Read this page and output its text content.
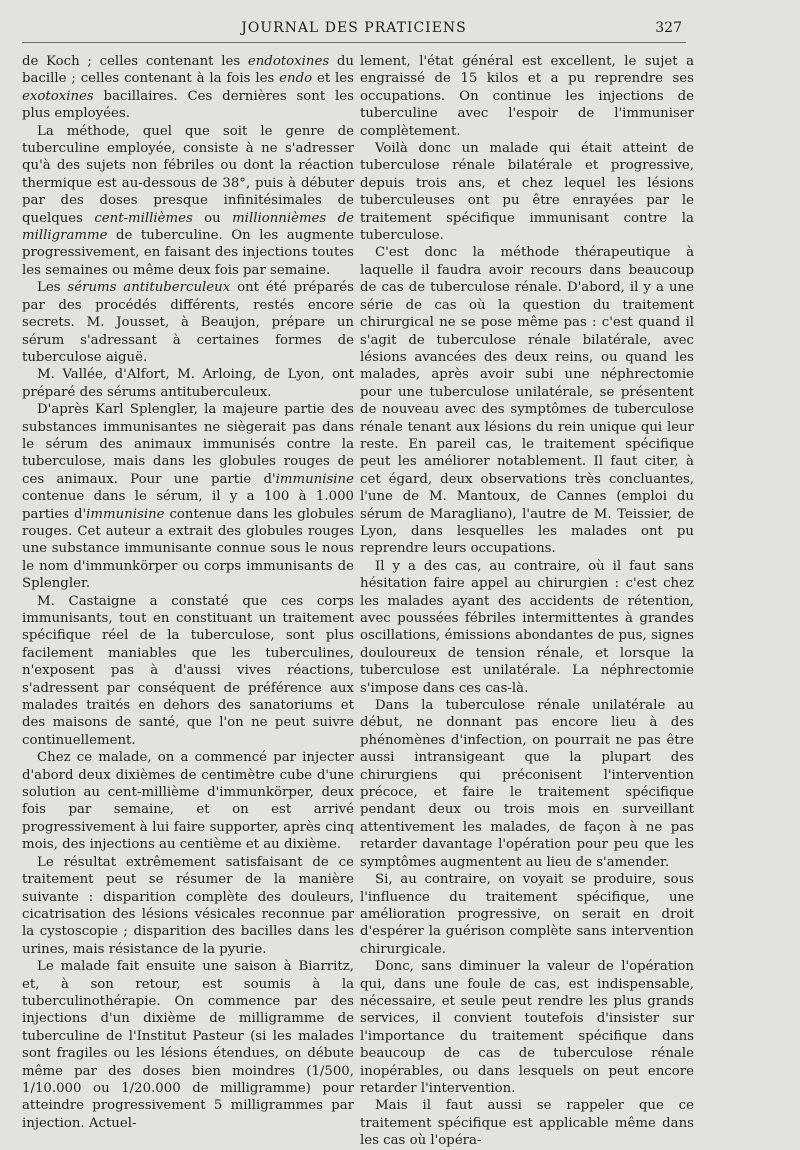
JOURNAL DES PRATICIENS	327

de Koch ; celles contenant les endotoxines du bacille ; celles contenant à la fois les endo et les exotoxines bacillaires. Ces dernières sont les plus employées.

La méthode, quel que soit le genre de tuberculine employée, consiste à ne s'adresser qu'à des sujets non fébriles ou dont la réaction thermique est au-dessous de 38°, puis à débuter par des doses presque infinitésimales de quelques cent-millièmes ou millionnièmes de milligramme de tuberculine. On les augmente progressivement, en faisant des injections toutes les semaines ou même deux fois par semaine.

Les sérums antituberculeux ont été préparés par des procédés différents, restés encore secrets. M. Jousset, à Beaujon, prépare un sérum s'adressant à certaines formes de tuberculose aiguë.

M. Vallée, d'Alfort, M. Arloing, de Lyon, ont préparé des sérums antituberculeux.

D'après Karl Splengler, la majeure partie des substances immunisantes ne siègerait pas dans le sérum des animaux immunisés contre la tuberculose, mais dans les globules rouges de ces animaux. Pour une partie d'immunisine contenue dans le sérum, il y a 100 à 1.000 parties d'immunisine contenue dans les globules rouges. Cet auteur a extrait des globules rouges une substance immunisante connue sous le nous le nom d'immunkörper ou corps immunisants de Splengler.

M. Castaigne a constaté que ces corps immunisants, tout en constituant un traitement spécifique réel de la tuberculose, sont plus facilement maniables que les tuberculines, n'exposent pas à d'aussi vives réactions, s'adressent par conséquent de préférence aux malades traités en dehors des sanatoriums et des maisons de santé, que l'on ne peut suivre continuellement.

Chez ce malade, on a commencé par injecter d'abord deux dixièmes de centimètre cube d'une solution au cent-millième d'immunkörper, deux fois par semaine, et on est arrivé progressivement à lui faire supporter, après cinq mois, des injections au centième et au dixième.

Le résultat extrêmement satisfaisant de ce traitement peut se résumer de la manière suivante : disparition complète des douleurs, cicatrisation des lésions vésicales reconnue par la cystoscopie ; disparition des bacilles dans les urines, mais résistance de la pyurie.

Le malade fait ensuite une saison à Biarritz, et, à son retour, est soumis à la tuberculinothérapie. On commence par des injections d'un dixième de milligramme de tuberculine de l'Institut Pasteur (si les malades sont fragiles ou les lésions étendues, on débute même par des doses bien moindres (1/500, 1/10.000 ou 1/20.000 de milligramme) pour atteindre progressivement 5 milligrammes par injection. Actuel-

lement, l'état général est excellent, le sujet a engraissé de 15 kilos et a pu reprendre ses occupations. On continue les injections de tuberculine avec l'espoir de l'immuniser complètement.

Voilà donc un malade qui était atteint de tuberculose rénale bilatérale et progressive, depuis trois ans, et chez lequel les lésions tuberculeuses ont pu être enrayées par le traitement spécifique immunisant contre la tuberculose.

C'est donc la méthode thérapeutique à laquelle il faudra avoir recours dans beaucoup de cas de tuberculose rénale. D'abord, il y a une série de cas où la question du traitement chirurgical ne se pose même pas : c'est quand il s'agit de tuberculose rénale bilatérale, avec lésions avancées des deux reins, ou quand les malades, après avoir subi une néphrectomie pour une tuberculose unilatérale, se présentent de nouveau avec des symptômes de tuberculose rénale tenant aux lésions du rein unique qui leur reste. En pareil cas, le traitement spécifique peut les améliorer notablement. Il faut citer, à cet égard, deux observations très concluantes, l'une de M. Mantoux, de Cannes (emploi du sérum de Maragliano), l'autre de M. Teissier, de Lyon, dans lesquelles les malades ont pu reprendre leurs occupations.

Il y a des cas, au contraire, où il faut sans hésitation faire appel au chirurgien : c'est chez les malades ayant des accidents de rétention, avec poussées fébriles intermittentes à grandes oscillations, émissions abondantes de pus, signes douloureux de tension rénale, et lorsque la tuberculose est unilatérale. La néphrectomie s'impose dans ces cas-là.

Dans la tuberculose rénale unilatérale au début, ne donnant pas encore lieu à des phénomènes d'infection, on pourrait ne pas être aussi intransigeant que la plupart des chirurgiens qui préconisent l'intervention précoce, et faire le traitement spécifique pendant deux ou trois mois en surveillant attentivement les malades, de façon à ne pas retarder davantage l'opération pour peu que les symptômes augmentent au lieu de s'amender.

Si, au contraire, on voyait se produire, sous l'influence du traitement spécifique, une amélioration progressive, on serait en droit d'espérer la guérison complète sans intervention chirurgicale.

Donc, sans diminuer la valeur de l'opération qui, dans une foule de cas, est indispensable, nécessaire, et seule peut rendre les plus grands services, il convient toutefois d'insister sur l'importance du traitement spécifique dans beaucoup de cas de tuberculose rénale inopérables, ou dans lesquels on peut encore retarder l'intervention.

Mais il faut aussi se rappeler que ce traitement spécifique est applicable même dans les cas où l'opéra-
